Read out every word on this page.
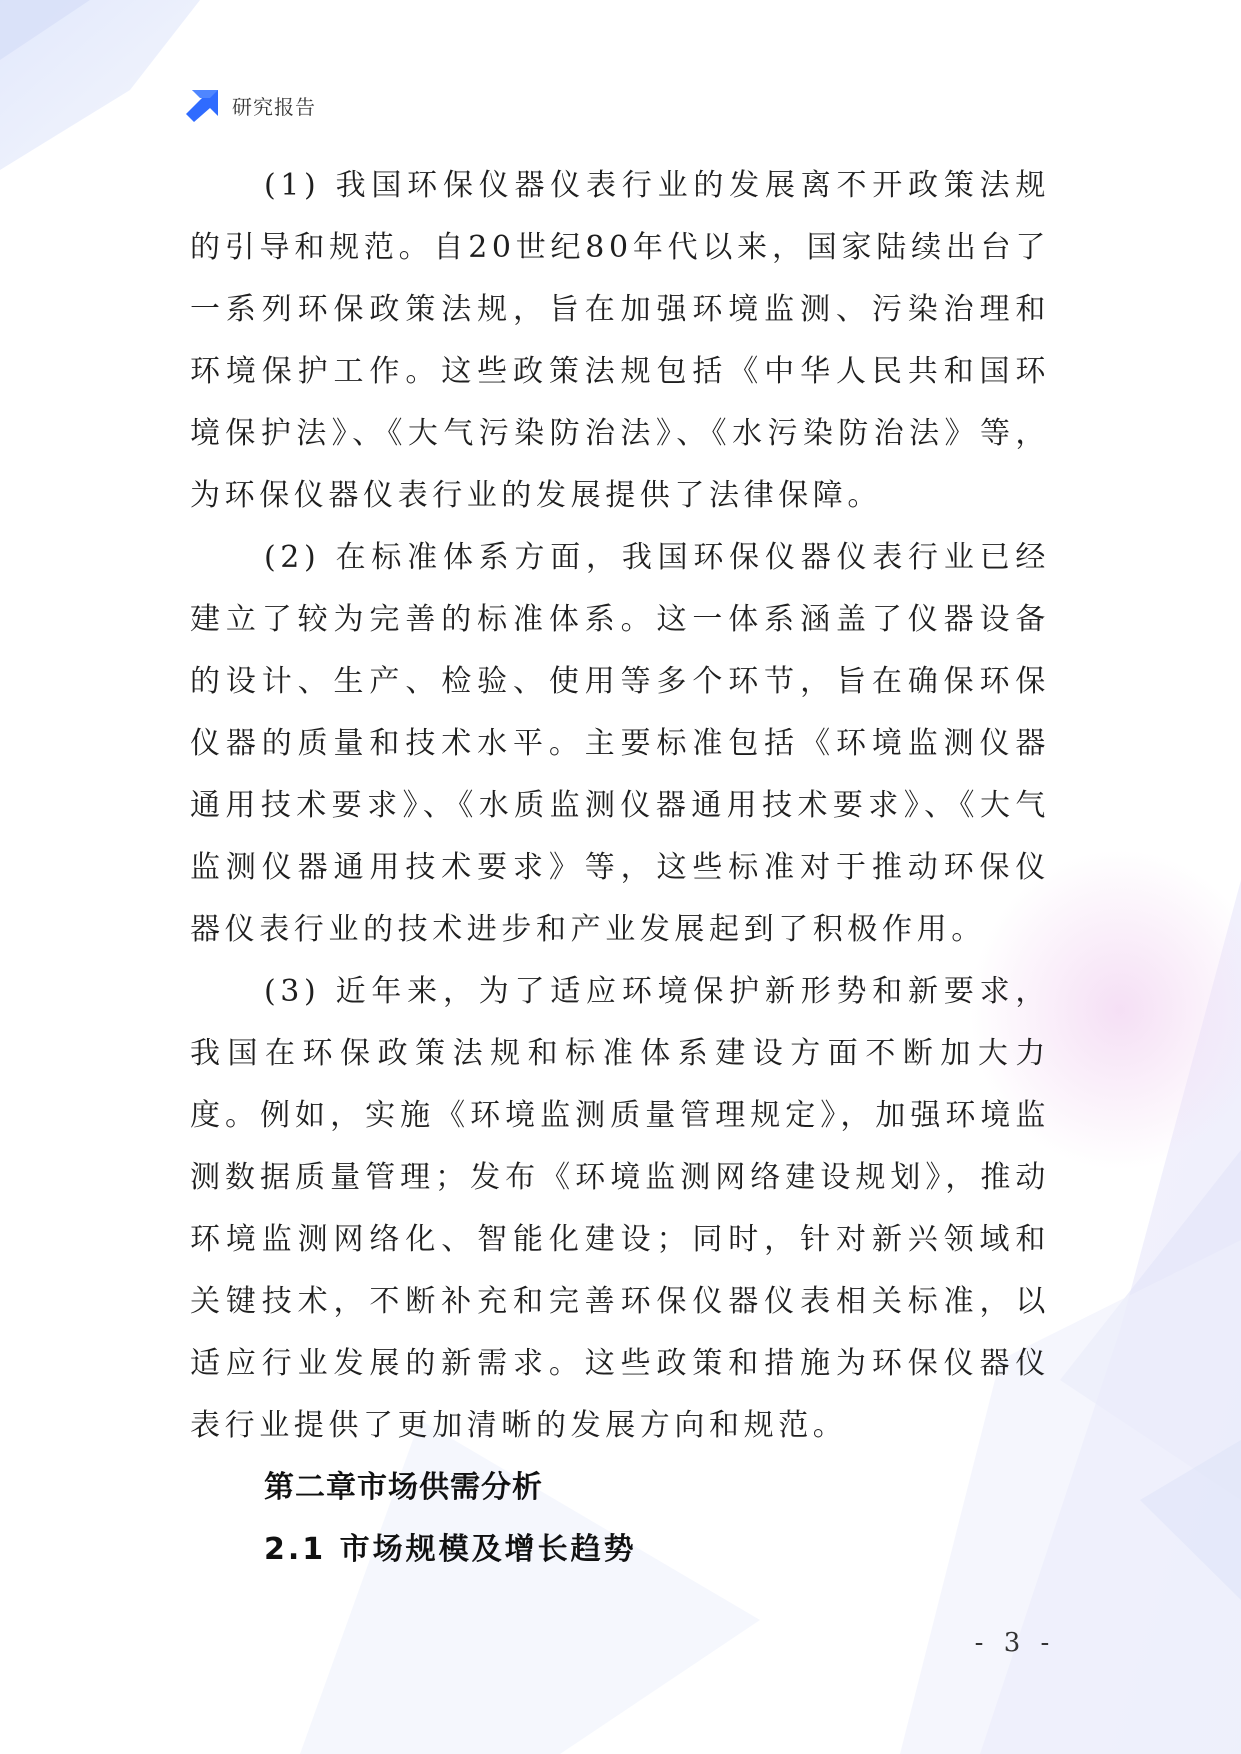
研究报告

(1) 我国环保仪器仪表行业的发展离不开政策法规的引导和规范。自20世纪80年代以来，国家陆续出台了一系列环保政策法规，旨在加强环境监测、污染治理和环境保护工作。这些政策法规包括《中华人民共和国环境保护法》、《大气污染防治法》、《水污染防治法》等，为环保仪器仪表行业的发展提供了法律保障。

(2) 在标准体系方面，我国环保仪器仪表行业已经建立了较为完善的标准体系。这一体系涵盖了仪器设备的设计、生产、检验、使用等多个环节，旨在确保环保仪器的质量和技术水平。主要标准包括《环境监测仪器通用技术要求》、《水质监测仪器通用技术要求》、《大气监测仪器通用技术要求》等，这些标准对于推动环保仪器仪表行业的技术进步和产业发展起到了积极作用。

(3) 近年来，为了适应环境保护新形势和新要求，我国在环保政策法规和标准体系建设方面不断加大力度。例如，实施《环境监测质量管理规定》，加强环境监测数据质量管理；发布《环境监测网络建设规划》，推动环境监测网络化、智能化建设；同时，针对新兴领域和关键技术，不断补充和完善环保仪器仪表相关标准，以适应行业发展的新需求。这些政策和措施为环保仪器仪表行业提供了更加清晰的发展方向和规范。

第二章市场供需分析
2.1 市场规模及增长趋势
- 3 -
